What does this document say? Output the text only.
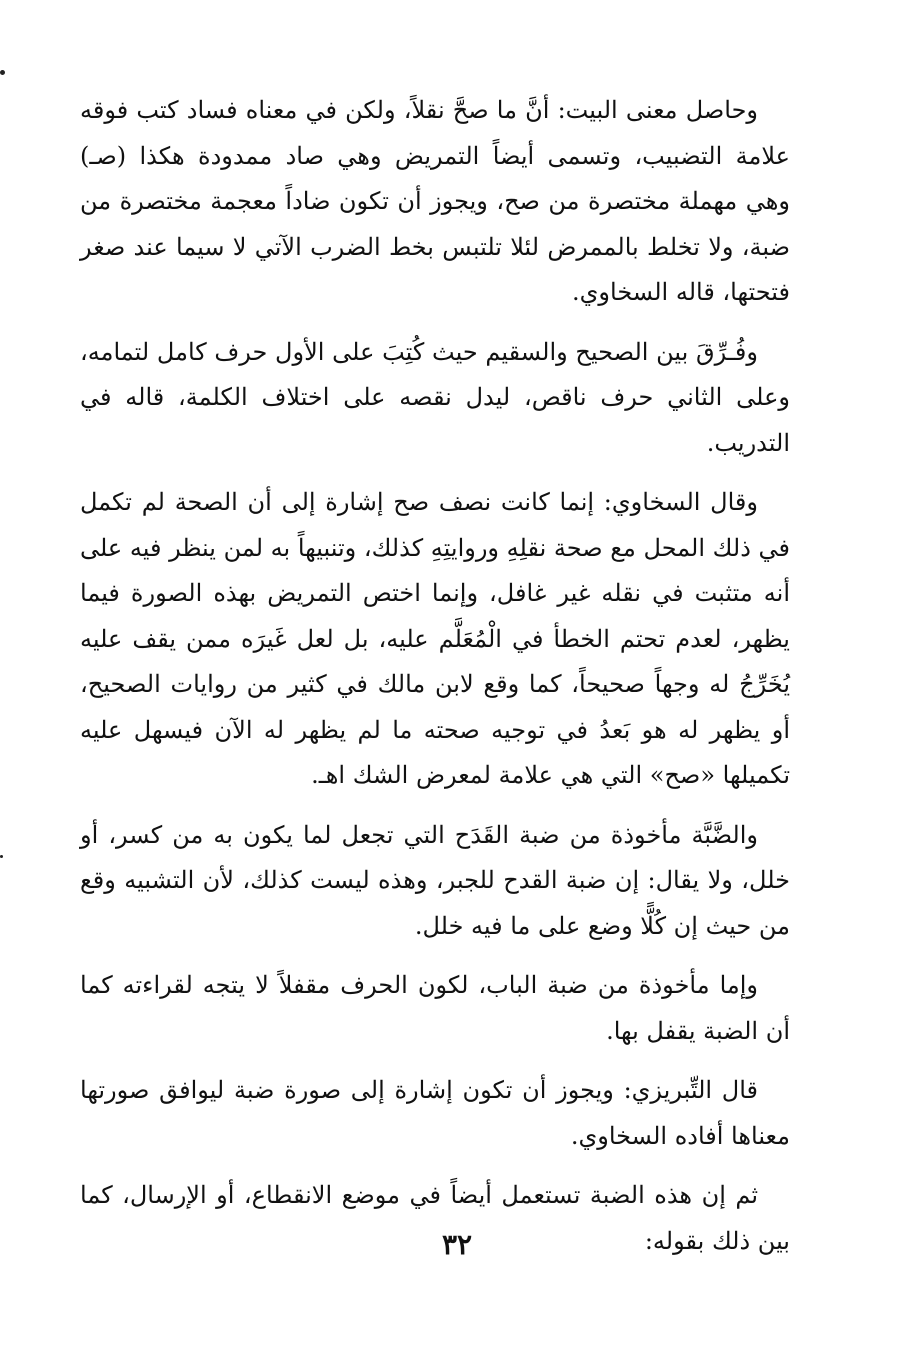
وحاصل معنى البيت: أنَّ ما صحَّ نقلاً، ولكن في معناه فساد كتب فوقه علامة التضبيب، وتسمى أيضاً التمريض وهي صاد ممدودة هكذا (صـ) وهي مهملة مختصرة من صح، ويجوز أن تكون ضاداً معجمة مختصرة من ضبة، ولا تخلط بالممرض لئلا تلتبس بخط الضرب الآتي لا سيما عند صغر فتحتها، قاله السخاوي.

وفُـرِّقَ بين الصحيح والسقيم حيث كُتِبَ على الأول حرف كامل لتمامه، وعلى الثاني حرف ناقص، ليدل نقصه على اختلاف الكلمة، قاله في التدريب.

وقال السخاوي: إنما كانت نصف صح إشارة إلى أن الصحة لم تكمل في ذلك المحل مع صحة نقلِهِ وروايتِهِ كذلك، وتنبيهاً به لمن ينظر فيه على أنه متثبت في نقله غير غافل، وإنما اختص التمريض بهذه الصورة فيما يظهر، لعدم تحتم الخطأ في الْمُعَلَّم عليه، بل لعل غَيرَه ممن يقف عليه يُخَرِّجُ له وجهاً صحيحاً، كما وقع لابن مالك في كثير من روايات الصحيح، أو يظهر له هو بَعدُ في توجيه صحته ما لم يظهر له الآن فيسهل عليه تكميلها «صح» التي هي علامة لمعرض الشك اهـ.

والضَّبَّة مأخوذة من ضبة القَدَح التي تجعل لما يكون به من كسر، أو خلل، ولا يقال: إن ضبة القدح للجبر، وهذه ليست كذلك، لأن التشبيه وقع من حيث إن كُلًّا وضع على ما فيه خلل.

وإما مأخوذة من ضبة الباب، لكون الحرف مقفلاً لا يتجه لقراءته كما أن الضبة يقفل بها.

قال التِّبريزي: ويجوز أن تكون إشارة إلى صورة ضبة ليوافق صورتها معناها أفاده السخاوي.

ثم إن هذه الضبة تستعمل أيضاً في موضع الانقطاع، أو الإرسال، كما بين ذلك بقوله:

٣٢
